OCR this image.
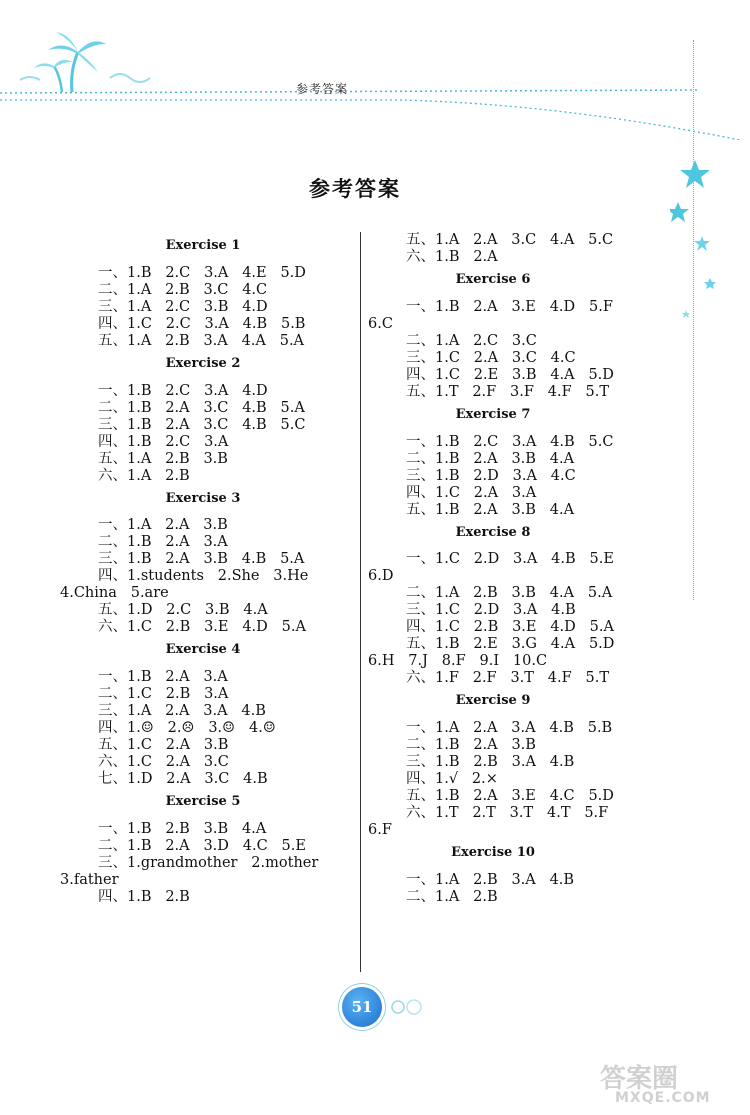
参考答案
参考答案
Exercise 1
一、1.B   2.C   3.A   4.E   5.D
二、1.A   2.B   3.C   4.C
三、1.A   2.C   3.B   4.D
四、1.C   2.C   3.A   4.B   5.B
五、1.A   2.B   3.A   4.A   5.A
Exercise 2
一、1.B   2.C   3.A   4.D
二、1.B   2.A   3.C   4.B   5.A
三、1.B   2.A   3.C   4.B   5.C
四、1.B   2.C   3.A
五、1.A   2.B   3.B
六、1.A   2.B
Exercise 3
一、1.A   2.A   3.B
二、1.B   2.A   3.A
三、1.B   2.A   3.B   4.B   5.A
四、1.students   2.She   3.He
4.China   5.are
五、1.D   2.C   3.B   4.A
六、1.C   2.B   3.E   4.D   5.A
Exercise 4
一、1.B   2.A   3.A
二、1.C   2.B   3.A
三、1.A   2.A   3.A   4.B
四、1.☺   2.☹   3.☺   4.☺
五、1.C   2.A   3.B
六、1.C   2.A   3.C
七、1.D   2.A   3.C   4.B
Exercise 5
一、1.B   2.B   3.B   4.A
二、1.B   2.A   3.D   4.C   5.E
三、1.grandmother   2.mother
3.father
四、1.B   2.B
五、1.A   2.A   3.C   4.A   5.C
六、1.B   2.A
Exercise 6
一、1.B   2.A   3.E   4.D   5.F
6.C
二、1.A   2.C   3.C
三、1.C   2.A   3.C   4.C
四、1.C   2.E   3.B   4.A   5.D
五、1.T   2.F   3.F   4.F   5.T
Exercise 7
一、1.B   2.C   3.A   4.B   5.C
二、1.B   2.A   3.B   4.A
三、1.B   2.D   3.A   4.C
四、1.C   2.A   3.A
五、1.B   2.A   3.B   4.A
Exercise 8
一、1.C   2.D   3.A   4.B   5.E
6.D
二、1.A   2.B   3.B   4.A   5.A
三、1.C   2.D   3.A   4.B
四、1.C   2.B   3.E   4.D   5.A
五、1.B   2.E   3.G   4.A   5.D
6.H   7.J   8.F   9.I   10.C
六、1.F   2.F   3.T   4.F   5.T
Exercise 9
一、1.A   2.A   3.A   4.B   5.B
二、1.B   2.A   3.B
三、1.B   2.B   3.A   4.B
四、1.√   2.×
五、1.B   2.A   3.E   4.C   5.D
六、1.T   2.T   3.T   4.T   5.F
6.F
Exercise 10
一、1.A   2.B   3.A   4.B
二、1.A   2.B
51
答案圈
MXQE.COM
